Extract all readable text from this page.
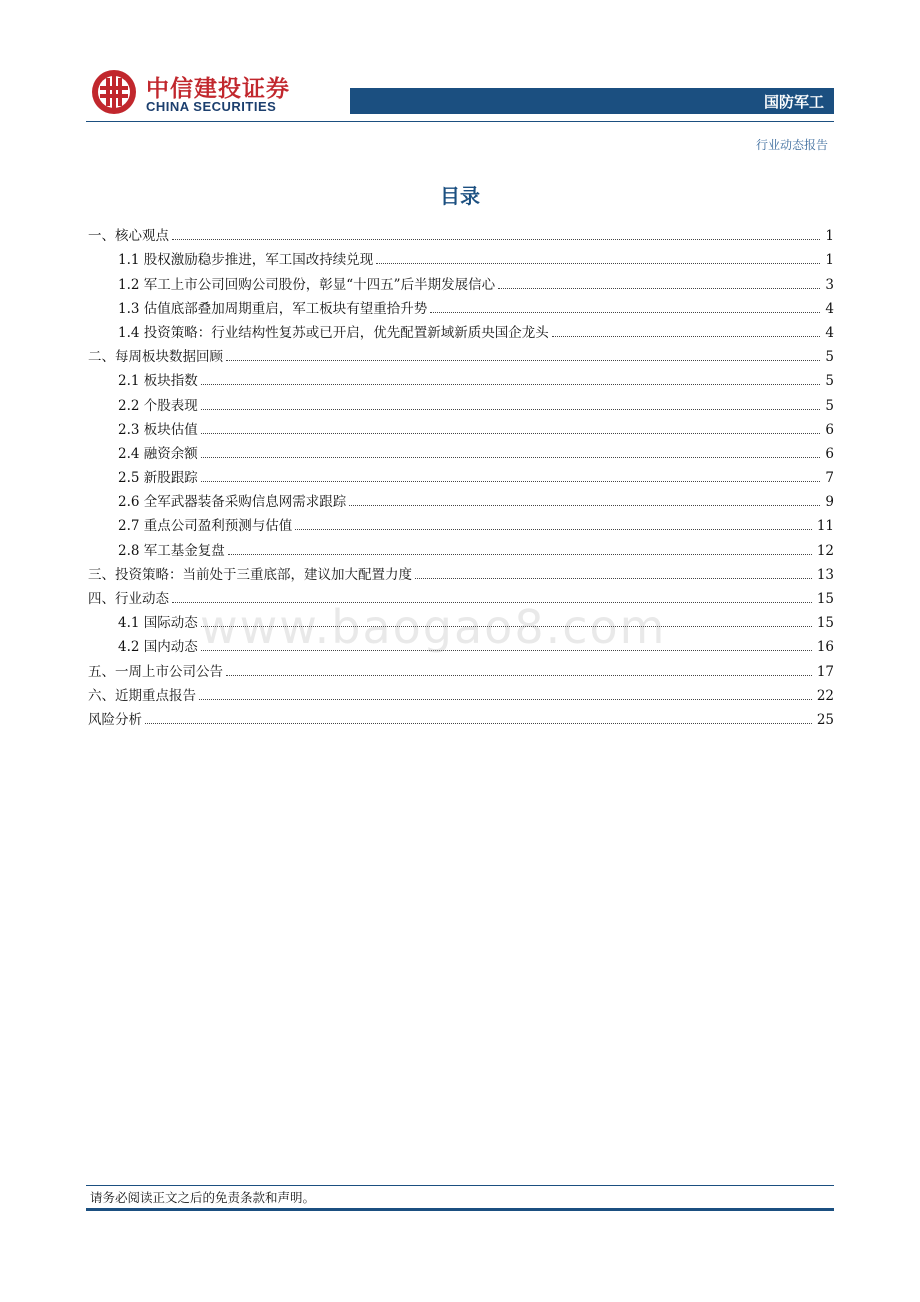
中信建投证券
CHINA SECURITIES	国防军工
行业动态报告
目录
一、核心观点	1
1.1 股权激励稳步推进，军工国改持续兑现	1
1.2 军工上市公司回购公司股份，彰显“十四五”后半期发展信心	3
1.3 估值底部叠加周期重启，军工板块有望重拾升势	4
1.4 投资策略：行业结构性复苏或已开启，优先配置新域新质央国企龙头	4
二、每周板块数据回顾	5
2.1 板块指数	5
2.2 个股表现	5
2.3 板块估值	6
2.4 融资余额	6
2.5 新股跟踪	7
2.6 全军武器装备采购信息网需求跟踪	9
2.7 重点公司盈利预测与估值	11
2.8 军工基金复盘	12
三、投资策略：当前处于三重底部，建议加大配置力度	13
四、行业动态	15
4.1 国际动态	15
4.2 国内动态	16
五、一周上市公司公告	17
六、近期重点报告	22
风险分析	25
www.baogao8.com
请务必阅读正文之后的免责条款和声明。
